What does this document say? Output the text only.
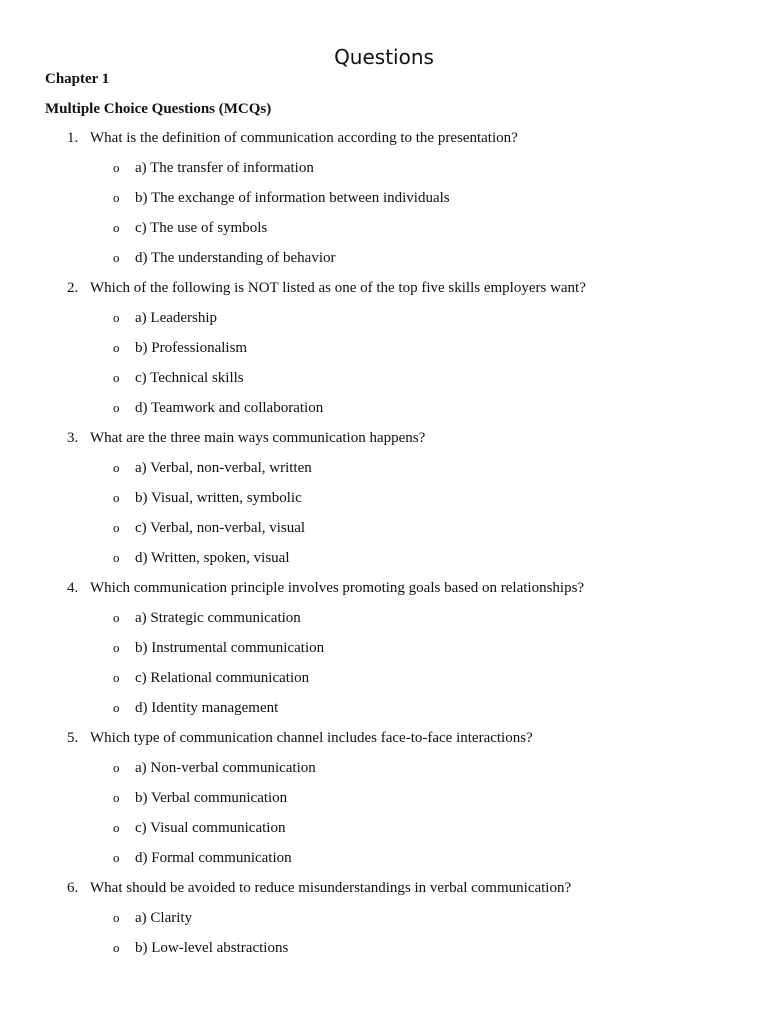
Questions
Chapter 1
Multiple Choice Questions (MCQs)
1. What is the definition of communication according to the presentation?
o a) The transfer of information
o b) The exchange of information between individuals
o c) The use of symbols
o d) The understanding of behavior
2. Which of the following is NOT listed as one of the top five skills employers want?
o a) Leadership
o b) Professionalism
o c) Technical skills
o d) Teamwork and collaboration
3. What are the three main ways communication happens?
o a) Verbal, non-verbal, written
o b) Visual, written, symbolic
o c) Verbal, non-verbal, visual
o d) Written, spoken, visual
4. Which communication principle involves promoting goals based on relationships?
o a) Strategic communication
o b) Instrumental communication
o c) Relational communication
o d) Identity management
5. Which type of communication channel includes face-to-face interactions?
o a) Non-verbal communication
o b) Verbal communication
o c) Visual communication
o d) Formal communication
6. What should be avoided to reduce misunderstandings in verbal communication?
o a) Clarity
o b) Low-level abstractions
